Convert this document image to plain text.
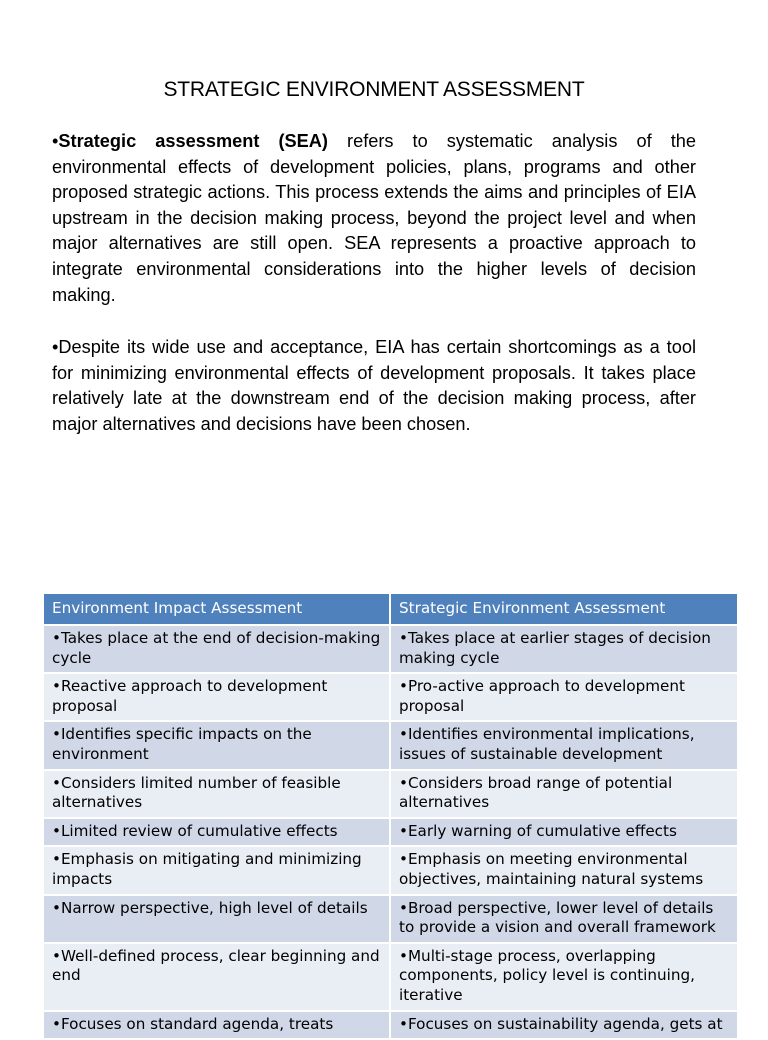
STRATEGIC ENVIRONMENT ASSESSMENT
•Strategic assessment (SEA) refers to systematic analysis of the environmental effects of development policies, plans, programs and other proposed strategic actions. This process extends the aims and principles of EIA upstream in the decision making process, beyond the project level and when major alternatives are still open. SEA represents a proactive approach to integrate environmental considerations into the higher levels of decision making.
•Despite its wide use and acceptance, EIA has certain shortcomings as a tool for minimizing environmental effects of development proposals. It takes place relatively late at the downstream end of the decision making process, after major alternatives and decisions have been chosen.
Environment Impact Assessment	Strategic Environment Assessment
•Takes place at the end of decision-making cycle	•Takes place at earlier stages of decision making cycle
•Reactive approach to development proposal	•Pro-active approach to development proposal
•Identifies specific impacts on the environment	•Identifies environmental implications, issues of sustainable development
•Considers limited number of feasible alternatives	•Considers broad range of potential alternatives
•Limited review of cumulative effects	•Early warning of cumulative effects
•Emphasis on mitigating and minimizing impacts	•Emphasis on meeting environmental objectives, maintaining natural systems
•Narrow perspective, high level of details	•Broad perspective, lower level of details to provide a vision and overall framework
•Well-defined process, clear beginning and end	•Multi-stage process, overlapping components, policy level is continuing, iterative
•Focuses on standard agenda, treats	•Focuses on sustainability agenda, gets at
